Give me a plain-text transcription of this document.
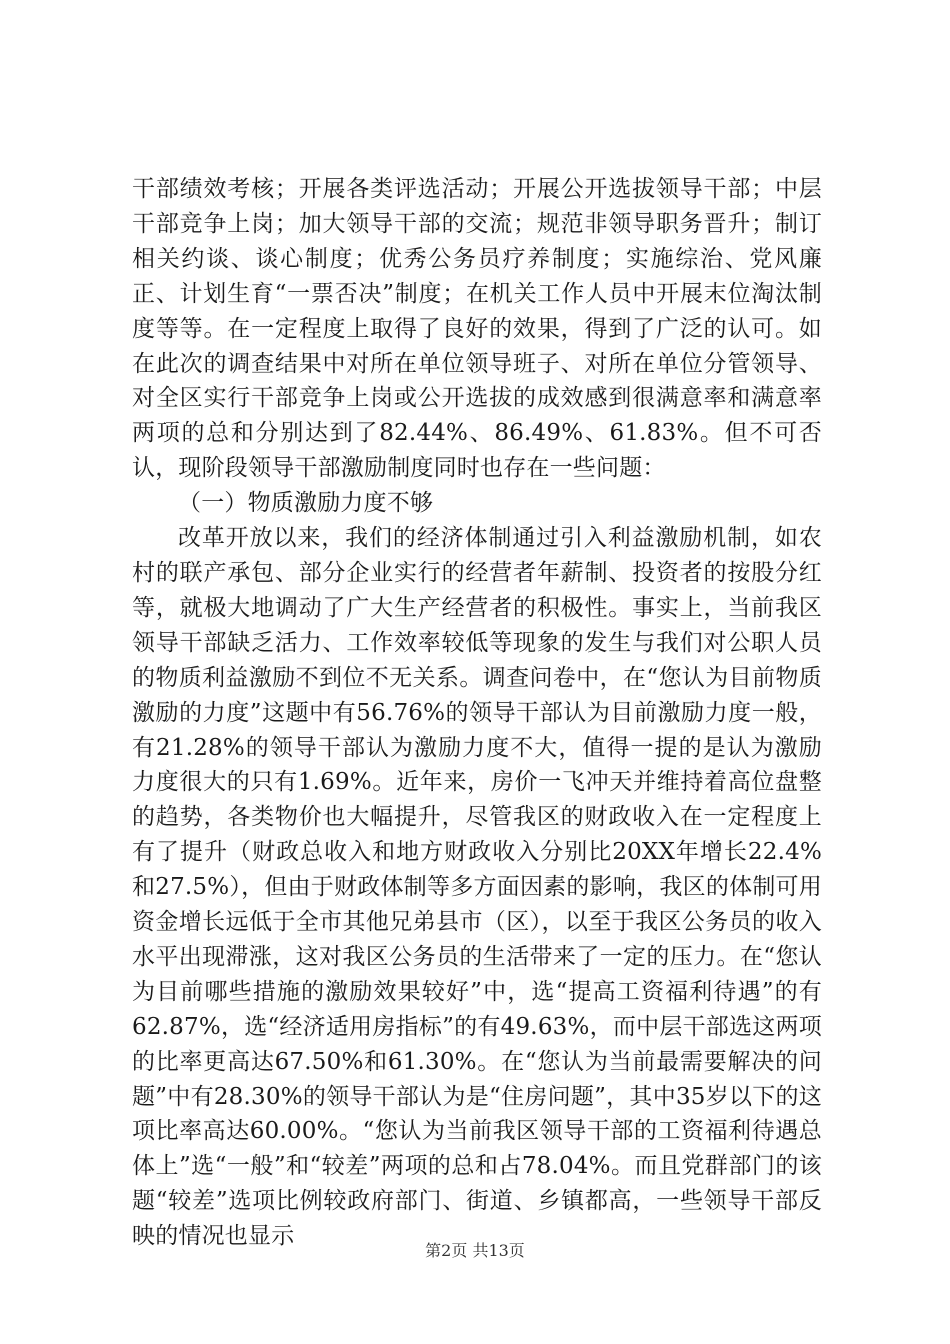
干部绩效考核；开展各类评选活动；开展公开选拔领导干部；中层干部竞争上岗；加大领导干部的交流；规范非领导职务晋升；制订相关约谈、谈心制度；优秀公务员疗养制度；实施综治、党风廉正、计划生育“一票否决”制度；在机关工作人员中开展末位淘汰制度等等。在一定程度上取得了良好的效果，得到了广泛的认可。如在此次的调查结果中对所在单位领导班子、对所在单位分管领导、对全区实行干部竞争上岗或公开选拔的成效感到很满意率和满意率两项的总和分别达到了82.44%、86.49%、61.83%。但不可否认，现阶段领导干部激励制度同时也存在一些问题：

（一）物质激励力度不够

改革开放以来，我们的经济体制通过引入利益激励机制，如农村的联产承包、部分企业实行的经营者年薪制、投资者的按股分红等，就极大地调动了广大生产经营者的积极性。事实上，当前我区领导干部缺乏活力、工作效率较低等现象的发生与我们对公职人员的物质利益激励不到位不无关系。调查问卷中，在“您认为目前物质激励的力度”这题中有56.76%的领导干部认为目前激励力度一般，有21.28%的领导干部认为激励力度不大，值得一提的是认为激励力度很大的只有1.69%。近年来，房价一飞冲天并维持着高位盘整的趋势，各类物价也大幅提升，尽管我区的财政收入在一定程度上有了提升（财政总收入和地方财政收入分别比20XX年增长22.4%和27.5%），但由于财政体制等多方面因素的影响，我区的体制可用资金增长远低于全市其他兄弟县市（区），以至于我区公务员的收入水平出现滞涨，这对我区公务员的生活带来了一定的压力。在“您认为目前哪些措施的激励效果较好”中，选“提高工资福利待遇”的有62.87%，选“经济适用房指标”的有49.63%，而中层干部选这两项的比率更高达67.50%和61.30%。在“您认为当前最需要解决的问题”中有28.30%的领导干部认为是“住房问题”，其中35岁以下的这项比率高达60.00%。“您认为当前我区领导干部的工资福利待遇总体上”选“一般”和“较差”两项的总和占78.04%。而且党群部门的该题“较差”选项比例较政府部门、街道、乡镇都高，一些领导干部反映的情况也显示

第2页 共13页
